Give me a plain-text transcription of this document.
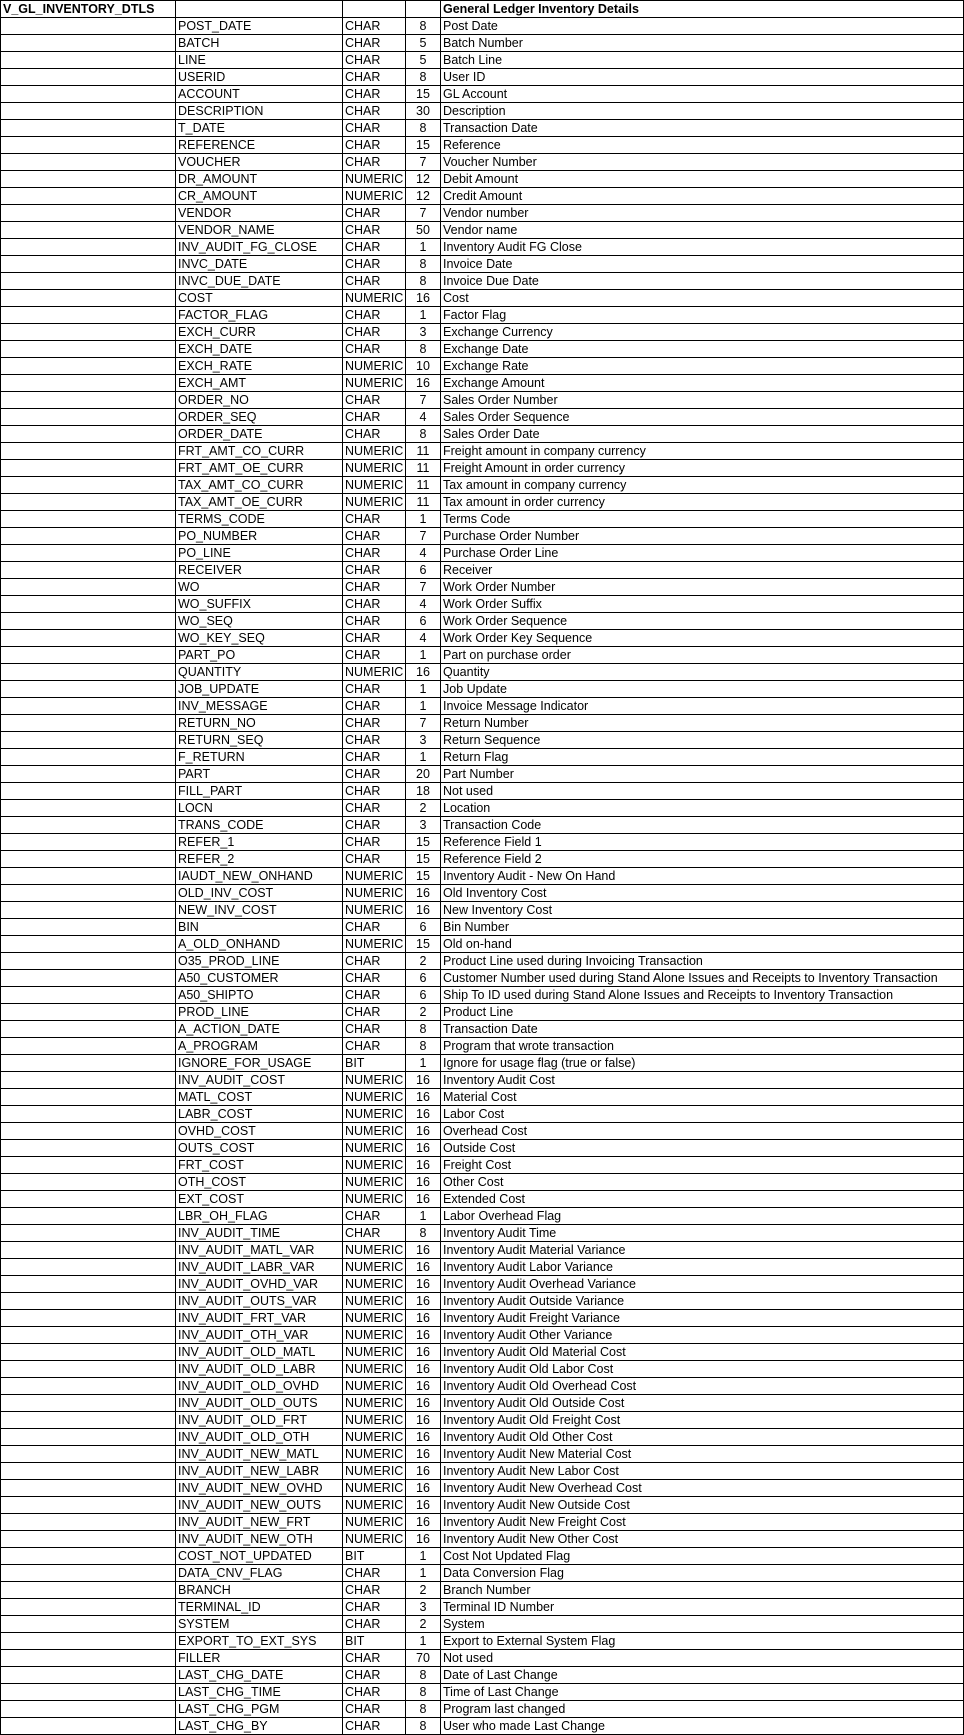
V_GL_INVENTORY_DTLS				General Ledger Inventory Details
	POST_DATE	CHAR	8	Post Date
	BATCH	CHAR	5	Batch Number
	LINE	CHAR	5	Batch Line
	USERID	CHAR	8	User ID
	ACCOUNT	CHAR	15	GL Account
	DESCRIPTION	CHAR	30	Description
	T_DATE	CHAR	8	Transaction Date
	REFERENCE	CHAR	15	Reference
	VOUCHER	CHAR	7	Voucher Number
	DR_AMOUNT	NUMERIC	12	Debit Amount
	CR_AMOUNT	NUMERIC	12	Credit Amount
	VENDOR	CHAR	7	Vendor number
	VENDOR_NAME	CHAR	50	Vendor name
	INV_AUDIT_FG_CLOSE	CHAR	1	Inventory Audit FG Close
	INVC_DATE	CHAR	8	Invoice Date
	INVC_DUE_DATE	CHAR	8	Invoice Due Date
	COST	NUMERIC	16	Cost
	FACTOR_FLAG	CHAR	1	Factor Flag
	EXCH_CURR	CHAR	3	Exchange Currency
	EXCH_DATE	CHAR	8	Exchange Date
	EXCH_RATE	NUMERIC	10	Exchange Rate
	EXCH_AMT	NUMERIC	16	Exchange Amount
	ORDER_NO	CHAR	7	Sales Order Number
	ORDER_SEQ	CHAR	4	Sales Order Sequence
	ORDER_DATE	CHAR	8	Sales Order Date
	FRT_AMT_CO_CURR	NUMERIC	11	Freight amount in company currency
	FRT_AMT_OE_CURR	NUMERIC	11	Freight Amount in order currency
	TAX_AMT_CO_CURR	NUMERIC	11	Tax amount in company currency
	TAX_AMT_OE_CURR	NUMERIC	11	Tax amount in order currency
	TERMS_CODE	CHAR	1	Terms Code
	PO_NUMBER	CHAR	7	Purchase Order Number
	PO_LINE	CHAR	4	Purchase Order Line
	RECEIVER	CHAR	6	Receiver
	WO	CHAR	7	Work Order Number
	WO_SUFFIX	CHAR	4	Work Order Suffix
	WO_SEQ	CHAR	6	Work Order Sequence
	WO_KEY_SEQ	CHAR	4	Work Order Key Sequence
	PART_PO	CHAR	1	Part on purchase order
	QUANTITY	NUMERIC	16	Quantity
	JOB_UPDATE	CHAR	1	Job Update
	INV_MESSAGE	CHAR	1	Invoice Message Indicator
	RETURN_NO	CHAR	7	Return Number
	RETURN_SEQ	CHAR	3	Return Sequence
	F_RETURN	CHAR	1	Return Flag
	PART	CHAR	20	Part Number
	FILL_PART	CHAR	18	Not used
	LOCN	CHAR	2	Location
	TRANS_CODE	CHAR	3	Transaction Code
	REFER_1	CHAR	15	Reference Field 1
	REFER_2	CHAR	15	Reference Field 2
	IAUDT_NEW_ONHAND	NUMERIC	15	Inventory Audit - New On Hand
	OLD_INV_COST	NUMERIC	16	Old Inventory Cost
	NEW_INV_COST	NUMERIC	16	New Inventory Cost
	BIN	CHAR	6	Bin Number
	A_OLD_ONHAND	NUMERIC	15	Old on-hand
	O35_PROD_LINE	CHAR	2	Product Line used during Invoicing Transaction
	A50_CUSTOMER	CHAR	6	Customer Number used during Stand Alone Issues and Receipts to Inventory Transaction
	A50_SHIPTO	CHAR	6	Ship To ID used during Stand Alone Issues and Receipts to Inventory Transaction
	PROD_LINE	CHAR	2	Product Line
	A_ACTION_DATE	CHAR	8	Transaction Date
	A_PROGRAM	CHAR	8	Program that wrote transaction
	IGNORE_FOR_USAGE	BIT	1	Ignore for usage flag (true or false)
	INV_AUDIT_COST	NUMERIC	16	Inventory Audit Cost
	MATL_COST	NUMERIC	16	Material Cost
	LABR_COST	NUMERIC	16	Labor Cost
	OVHD_COST	NUMERIC	16	Overhead Cost
	OUTS_COST	NUMERIC	16	Outside Cost
	FRT_COST	NUMERIC	16	Freight Cost
	OTH_COST	NUMERIC	16	Other Cost
	EXT_COST	NUMERIC	16	Extended Cost
	LBR_OH_FLAG	CHAR	1	Labor Overhead Flag
	INV_AUDIT_TIME	CHAR	8	Inventory Audit Time
	INV_AUDIT_MATL_VAR	NUMERIC	16	Inventory Audit Material Variance
	INV_AUDIT_LABR_VAR	NUMERIC	16	Inventory Audit Labor Variance
	INV_AUDIT_OVHD_VAR	NUMERIC	16	Inventory Audit Overhead Variance
	INV_AUDIT_OUTS_VAR	NUMERIC	16	Inventory Audit Outside Variance
	INV_AUDIT_FRT_VAR	NUMERIC	16	Inventory Audit Freight Variance
	INV_AUDIT_OTH_VAR	NUMERIC	16	Inventory Audit Other Variance
	INV_AUDIT_OLD_MATL	NUMERIC	16	Inventory Audit Old Material Cost
	INV_AUDIT_OLD_LABR	NUMERIC	16	Inventory Audit Old Labor Cost
	INV_AUDIT_OLD_OVHD	NUMERIC	16	Inventory Audit Old Overhead Cost
	INV_AUDIT_OLD_OUTS	NUMERIC	16	Inventory Audit Old Outside Cost
	INV_AUDIT_OLD_FRT	NUMERIC	16	Inventory Audit Old Freight Cost
	INV_AUDIT_OLD_OTH	NUMERIC	16	Inventory Audit Old Other Cost
	INV_AUDIT_NEW_MATL	NUMERIC	16	Inventory Audit New Material Cost
	INV_AUDIT_NEW_LABR	NUMERIC	16	Inventory Audit New Labor Cost
	INV_AUDIT_NEW_OVHD	NUMERIC	16	Inventory Audit New Overhead Cost
	INV_AUDIT_NEW_OUTS	NUMERIC	16	Inventory Audit New Outside Cost
	INV_AUDIT_NEW_FRT	NUMERIC	16	Inventory Audit New Freight Cost
	INV_AUDIT_NEW_OTH	NUMERIC	16	Inventory Audit New Other Cost
	COST_NOT_UPDATED	BIT	1	Cost Not Updated Flag
	DATA_CNV_FLAG	CHAR	1	Data Conversion Flag
	BRANCH	CHAR	2	Branch Number
	TERMINAL_ID	CHAR	3	Terminal ID Number
	SYSTEM	CHAR	2	System
	EXPORT_TO_EXT_SYS	BIT	1	Export to External System Flag
	FILLER	CHAR	70	Not used
	LAST_CHG_DATE	CHAR	8	Date of Last Change
	LAST_CHG_TIME	CHAR	8	Time of Last Change
	LAST_CHG_PGM	CHAR	8	Program last changed
	LAST_CHG_BY	CHAR	8	User who made Last Change
